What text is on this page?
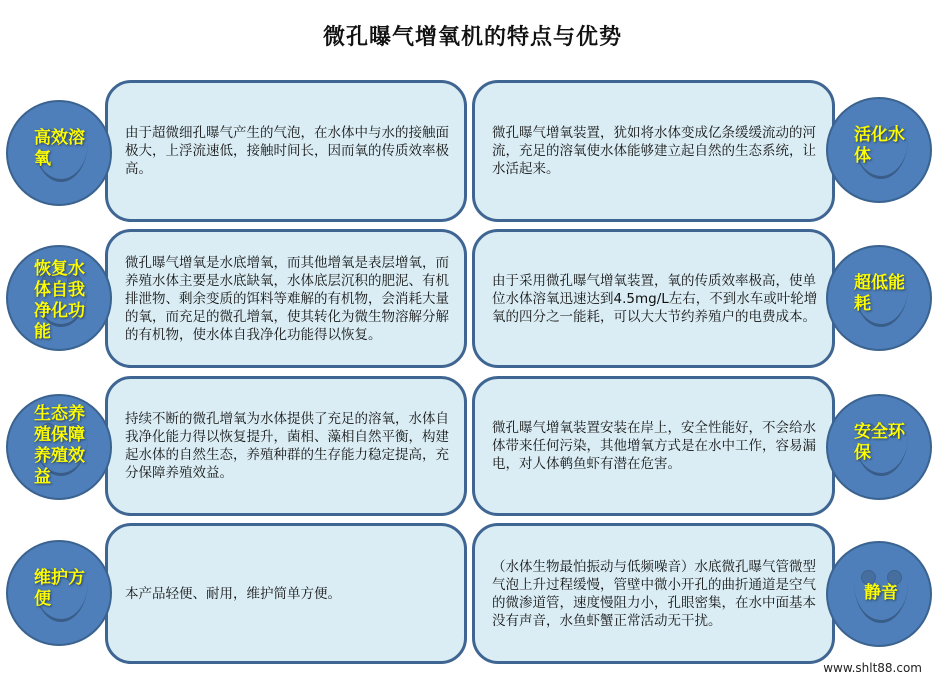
微孔曝气增氧机的特点与优势
由于超微细孔曝气产生的气泡，在水体中与水的接触面极大，上浮流速低，接触时间长，因而氧的传质效率极高。
高效溶
氧
微孔曝气增氧装置，犹如将水体变成亿条缓缓流动的河流，充足的溶氧使水体能够建立起自然的生态系统，让水活起来。
活化水
体
微孔曝气增氧是水底增氧，而其他增氧是表层增氧，而养殖水体主要是水底缺氧，水体底层沉积的肥泥、有机排泄物、剩余变质的饵料等难解的有机物，会消耗大量的氧，而充足的微孔增氧，使其转化为微生物溶解分解的有机物，使水体自我净化功能得以恢复。
恢复水
体自我
净化功
能
由于采用微孔曝气增氧装置，氧的传质效率极高，使单位水体溶氧迅速达到4.5mg/L左右，不到水车或叶轮增氧的四分之一能耗，可以大大节约养殖户的电费成本。
超低能
耗
持续不断的微孔增氧为水体提供了充足的溶氧，水体自我净化能力得以恢复提升，菌相、藻相自然平衡，构建起水体的自然生态，养殖种群的生存能力稳定提高，充分保障养殖效益。
生态养
殖保障
养殖效
益
微孔曝气增氧装置安装在岸上，安全性能好，不会给水体带来任何污染，其他增氧方式是在水中工作，容易漏电，对人体鹌鱼虾有潜在危害。
安全环
保
本产品轻便、耐用，维护简单方便。
维护方
便
（水体生物最怕振动与低频噪音）水底微孔曝气管微型气泡上升过程缓慢，管壁中微小开孔的曲折通道是空气的微渗道管，速度慢阻力小，孔眼密集，在水中面基本没有声音，水鱼虾蟹正常活动无干扰。
静音
www.shlt88.com
